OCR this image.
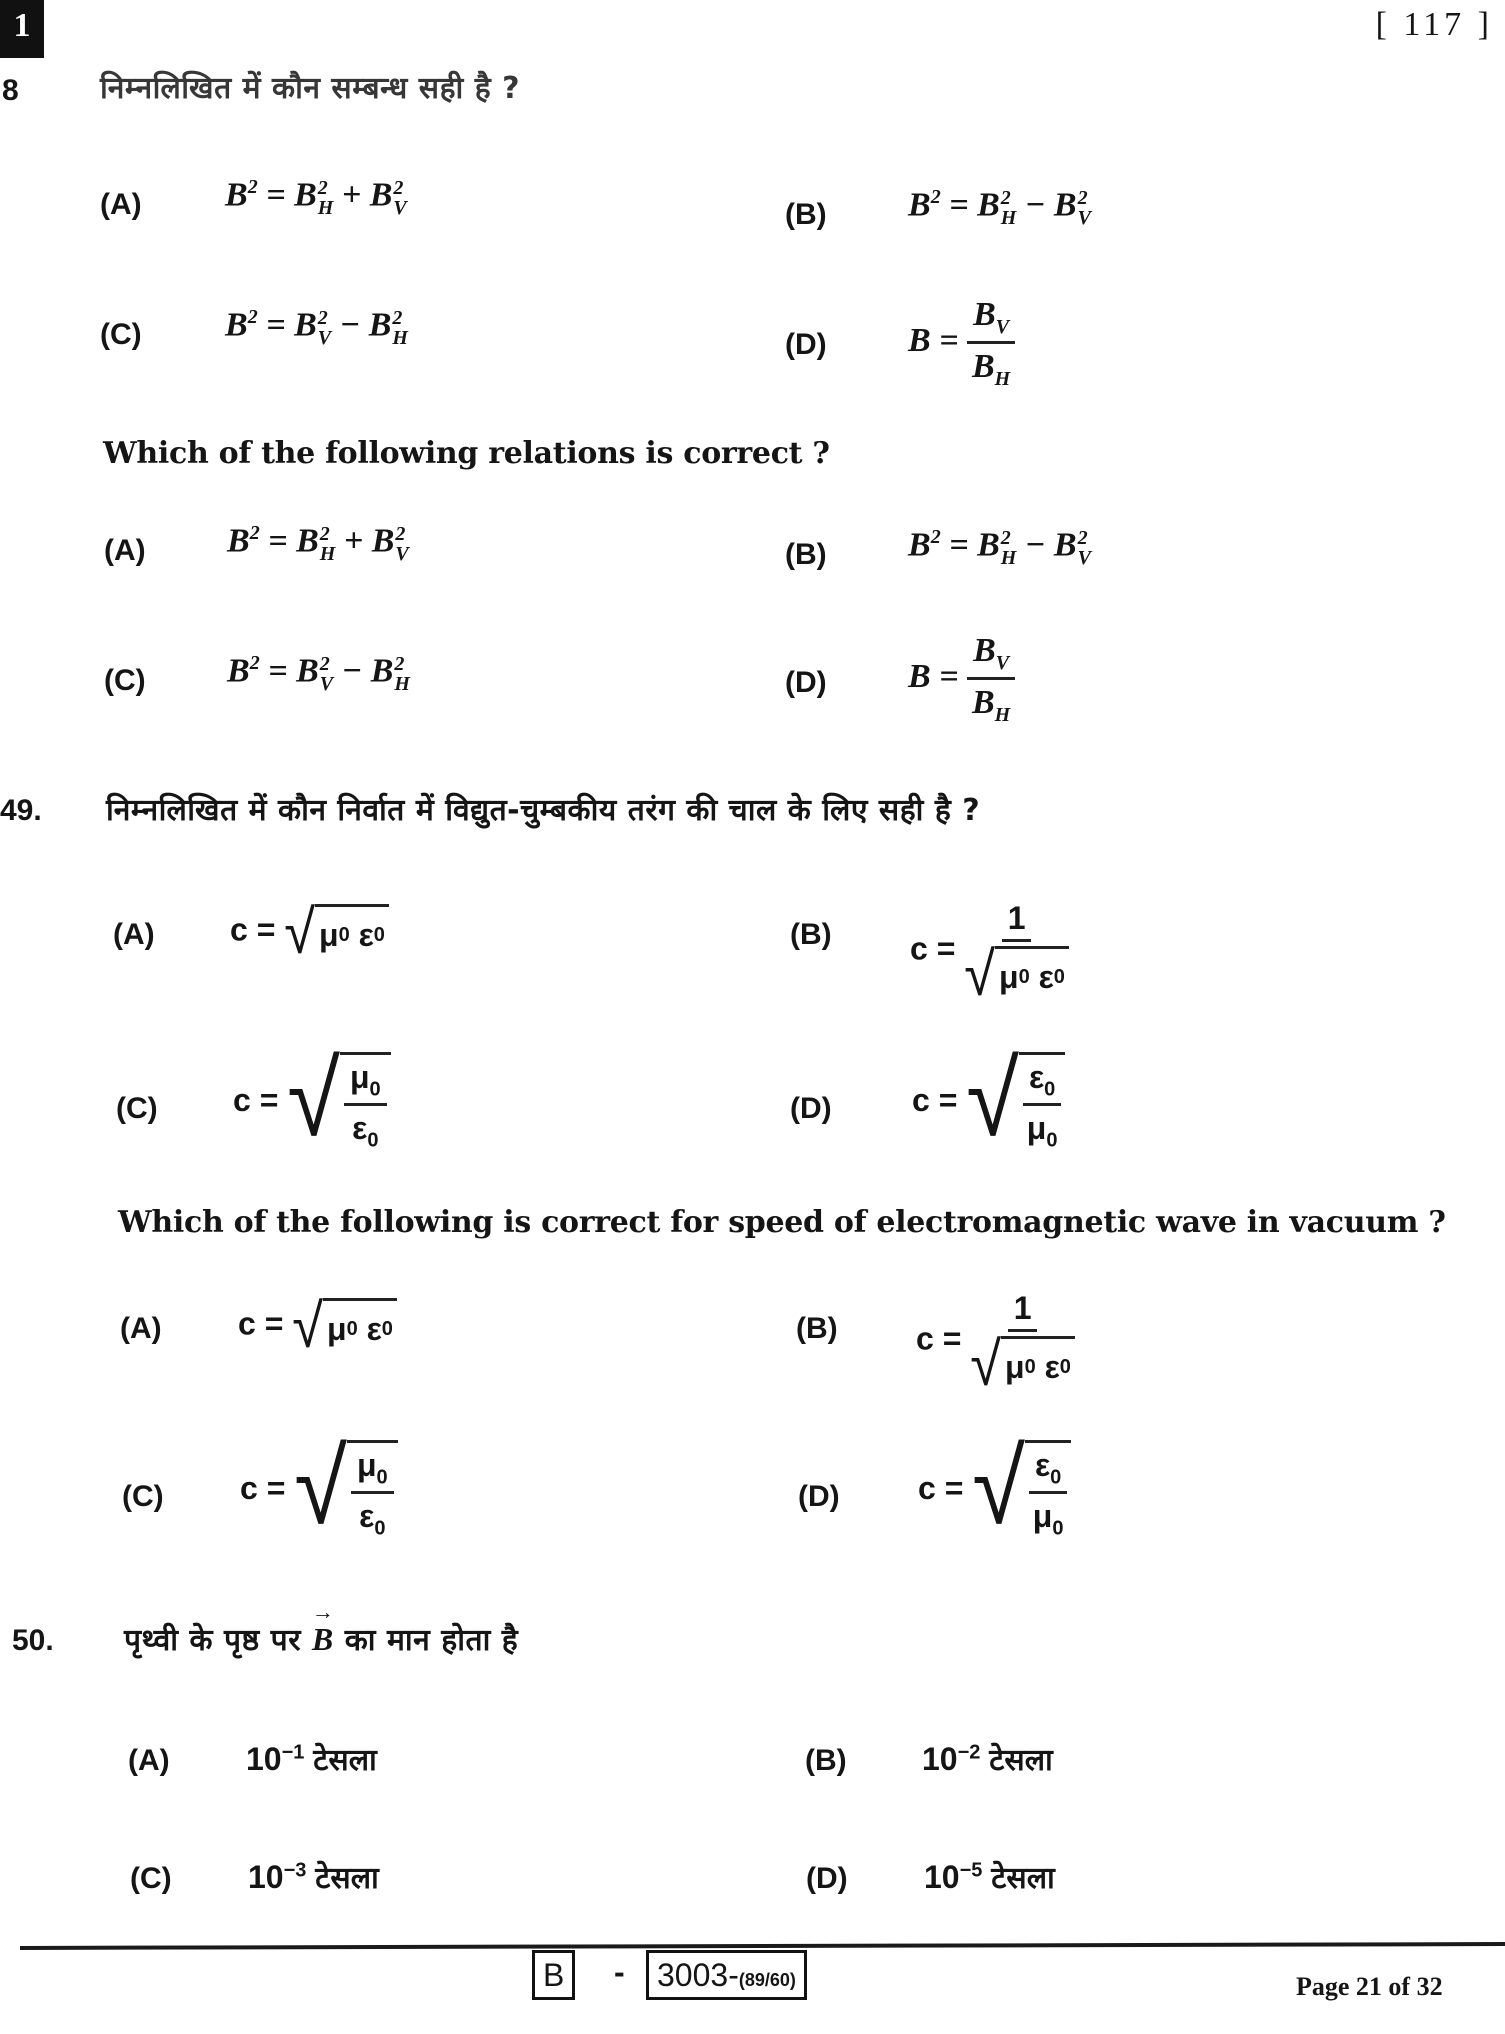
1	[ 117 ]
8	निम्नलिखित में कौन सम्बन्ध सही है ?
(A) $B^2 = B$ 2
H + B 2
V	(B) $B^2 = B$ 2
H − B 2
V
(C) $B^2 = B$ 2
V − B 2
H	(D) $B = \frac{B_V}{B_H}$
Which of the following relations is correct ?
(A) $B^2 = B$ 2
H + B 2
V	(B) $B^2 = B$ 2
H − B 2
V
(C) $B^2 = B$ 2
V − B 2
H	(D) $B = \frac{B_V}{B_H}$
49. निम्नलिखित में कौन निर्वात में विद्युत-चुम्बकीय तरंग की चाल के लिए सही है ?
(A) c = √ μ 0
ε 0	(B) c = 1
√ μ 0
ε 0
(C) c = √ $\frac{\mu_0}{\varepsilon_0}$	(D)	c = √ $\frac{\varepsilon_0}{\mu_0}$
Which of the following is correct for speed of electromagnetic wave in vacuum ?
(A) c = √ μ 0
ε 0	(B) c = 1
√ μ 0
ε 0
(C) c = √ $\frac{\mu_0}{\varepsilon_0}$	(D) c = √ $\frac{\varepsilon_0}{\mu_0}$
50. पृथ्वी के पृष्ठ पर → B का मान होता है
(A) $10^{-1}$ टेसला	(B) $10^{-2}$ टेसला
(C) $10^{-3}$ टेसला	(D) $10^{-5}$ टेसला
B	-	3003-(89/60)	Page 21 of 32
